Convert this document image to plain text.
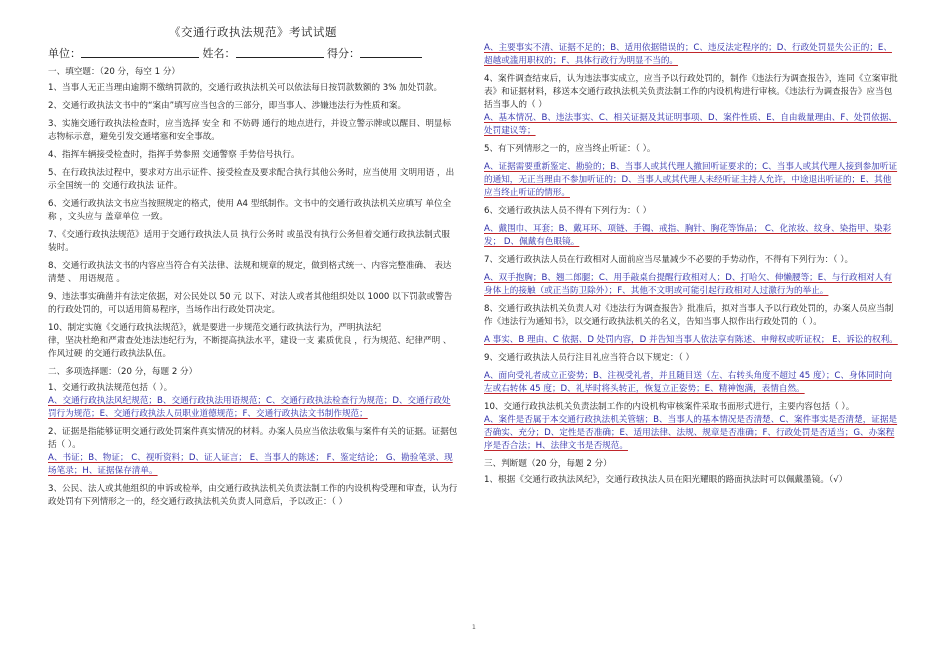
《交通行政执法规范》考试试题
单位：	姓名：	得分：
一、填空题：（20 分，每空 1 分）
1、当事人无正当理由逾期不缴纳罚款的，交通行政执法机关可以依法每日按罚款数额的 3% 加处罚款。
2、交通行政执法文书中的“案由”填写应当包含的三部分，即当事人、涉嫌违法行为性质和案。
3、实施交通行政执法检查时，应当选择 安全 和 不妨碍 通行的地点进行，并设立警示牌或以醒目、明显标志物标示意，避免引发交通堵塞和安全事故。
4、指挥车辆接受检查时，指挥手势参照 交通警察 手势信号执行。
5、在行政执法过程中，要求对方出示证件、接受检查及要求配合执行其他公务时，应当使用 文明用语 ，出示全国统一的 交通行政执法 证件。
6、交通行政执法文书应当按照规定的格式，使用 A4 型纸制作。文书中的交通行政执法机关应填写 单位全称 ，文头应与 盖章单位 一致。
7、《交通行政执法规范》适用于交通行政执法人员 执行公务时 或虽没有执行公务但着交通行政执法制式服装时。
8、交通行政执法文书的内容应当符合有关法律、法规和规章的规定，做到格式统一、内容完整准确、 表达清楚 、 用语规范 。
9、违法事实确凿并有法定依据，对公民处以 50 元 以下、对法人或者其他组织处以 1000 以下罚款或警告的行政处罚的，可以适用简易程序，当场作出行政处罚决定。
10、制定实施《交通行政执法规范》，就是要进一步规范交通行政执法行为，严明执法纪
律，坚决杜绝和严肃查处违法违纪行为，不断提高执法水平，建设一支 素质优良 ，行为规范、纪律严明 、作风过硬 的交通行政执法队伍。
二、多项选择题：（20 分，每题 2 分）
1、交通行政执法规范包括（ ）。
A、交通行政执法风纪规范；B、交通行政执法用语规范；C、交通行政执法检查行为规范；D、交通行政处罚行为规范；E、交通行政执法人员职业道德规范；F、交通行政执法文书制作规范；
2、证据是指能够证明交通行政处罚案件真实情况的材料。办案人员应当依法收集与案件有关的证据。证据包括（ ）。
A、书证；B、物证； C、视听资料；D、证人证言； E、当事人的陈述； F、鉴定结论； G、勘验笔录、现场笔录；H、证据保存清单。
3、公民、法人或其他组织的申诉或检举，由交通行政执法机关负责法制工作的内设机构受理和审查，认为行政处罚有下列情形之一的，经交通行政执法机关负责人同意后，予以改正：（ ）
A、主要事实不清、证据不足的；B、适用依据错误的；C、违反法定程序的；D、行政处罚显失公正的；E、超越或滥用职权的；F、具体行政行为明显不当的。
4、案件调查结束后，认为违法事实成立，应当予以行政处罚的，制作《违法行为调查报告》，连同《立案审批表》和证据材料，移送本交通行政执法机关负责法制工作的内设机构进行审核。《违法行为调查报告》应当包括当事人的（ ）
A、基本情况、B、违法事实、C、相关证据及其证明事项、D、案件性质、E、自由裁量理由、F、处罚依据、处罚建议等；
5、有下列情形之一的，应当终止听证：（ ）。
A、证据需要重新鉴定、勘验的；B、当事人或其代理人撤回听证要求的；C、当事人或其代理人接到参加听证的通知，无正当理由不参加听证的；D、当事人或其代理人未经听证主持人允许，中途退出听证的；E、其他应当终止听证的情形。
6、交通行政执法人员不得有下列行为：（ ）
A、戴围巾、耳套；B、戴耳环、项链、手镯、戒指、胸针、胸花等饰品； C、化浓妆、纹身、染指甲、染彩发； D、佩戴有色眼镜。
7、交通行政执法人员在行政相对人面前应当尽量减少不必要的手势动作，不得有下列行为：（ ）。
A、双手抱胸；B、翘二郎腿；C、用手敲桌台提醒行政相对人；D、打哈欠、伸懒腰等；E、与行政相对人有身体上的接触（或正当防卫除外）；F、其他不文明或可能引起行政相对人过激行为的举止。
8、交通行政执法机关负责人对《违法行为调查报告》批准后，拟对当事人予以行政处罚的，办案人员应当制作《违法行为通知书》，以交通行政执法机关的名义，告知当事人拟作出行政处罚的（ ）。
A 事实、B 理由、C 依据、D 处罚内容，D 并告知当事人依法享有陈述、申辩权或听证权； E、诉讼的权利。
9、交通行政执法人员行注目礼应当符合以下规定：（ ）
A、面向受礼者成立正姿势；B、注视受礼者，并且随目送（左、右转头角度不超过 45 度）；C、身体同时向左或右转体 45 度；D、礼毕时将头转正，恢复立正姿势；E、精神饱满，表情自然。
10、交通行政执法机关负责法制工作的内设机构审核案件采取书面形式进行，主要内容包括（ ）。
A、案件是否属于本交通行政执法机关管辖；B、当事人的基本情况是否清楚、C、案件事实是否清楚，证据是否确实、充分；D、定性是否准确；E、适用法律、法规、规章是否准确；F、行政处罚是否适当；G、办案程序是否合法；H、法律文书是否规范。
三、判断题（20 分，每题 2 分）
1、根据《交通行政执法风纪》，交通行政执法人员在阳光耀眼的路面执法时可以佩戴墨镜。（√）
1
